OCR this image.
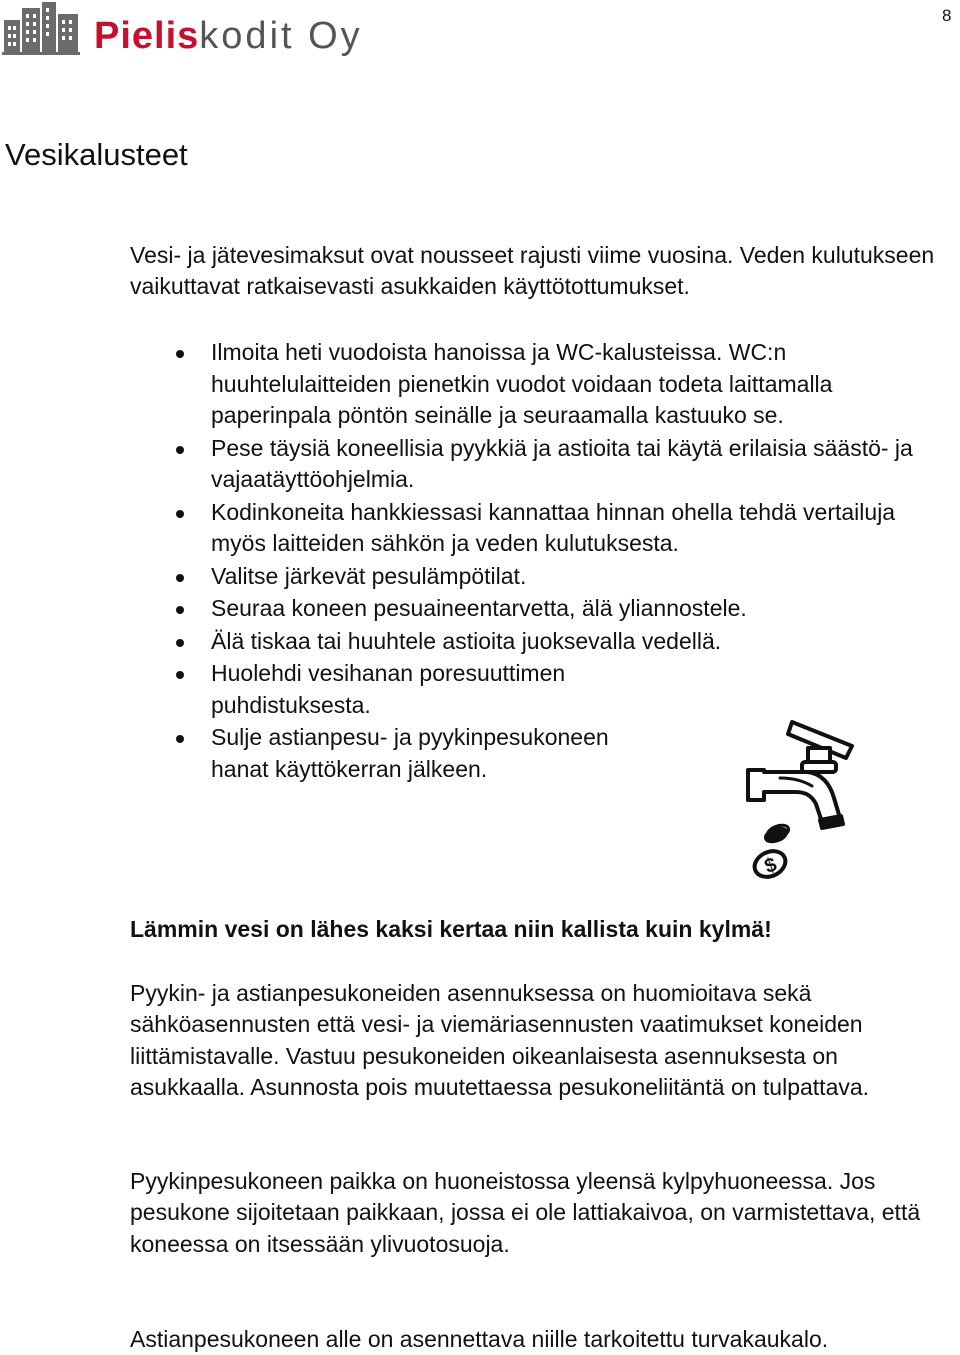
8
Pieliskodit Oy
Vesikalusteet

Vesi- ja jätevesimaksut ovat nousseet rajusti viime vuosina. Veden kulutukseen vaikuttavat ratkaisevasti asukkaiden käyttötottumukset.

Ilmoita heti vuodoista hanoissa ja WC-kalusteissa. WC:n huuhtelulaitteiden pienetkin vuodot voidaan todeta laittamalla paperinpala pöntön seinälle ja seuraamalla kastuuko se.
Pese täysiä koneellisia pyykkiä ja astioita tai käytä erilaisia säästö- ja vajaatäyttöohjelmia.
Kodinkoneita hankkiessasi kannattaa hinnan ohella tehdä vertailuja myös laitteiden sähkön ja veden kulutuksesta.
Valitse järkevät pesulämpötilat.
Seuraa koneen pesuaineentarvetta, älä yliannostele.
Älä tiskaa tai huuhtele astioita juoksevalla vedellä.
Huolehdi vesihanan poresuuttimen puhdistuksesta.
Sulje astianpesu- ja pyykinpesukoneen hanat käyttökerran jälkeen.
$

Lämmin vesi on lähes kaksi kertaa niin kallista kuin kylmä!

Pyykin- ja astianpesukoneiden asennuksessa on huomioitava sekä sähköasennusten että vesi- ja viemäriasennusten vaatimukset koneiden liittämistavalle. Vastuu pesukoneiden oikeanlaisesta asennuksesta on asukkaalla. Asunnosta pois muutettaessa pesukoneliitäntä on tulpattava.

Pyykinpesukoneen paikka on huoneistossa yleensä kylpyhuoneessa. Jos pesukone sijoitetaan paikkaan, jossa ei ole lattiakaivoa, on varmistettava, että koneessa on itsessään ylivuotosuoja.

Astianpesukoneen alle on asennettava niille tarkoitettu turvakaukalo.
